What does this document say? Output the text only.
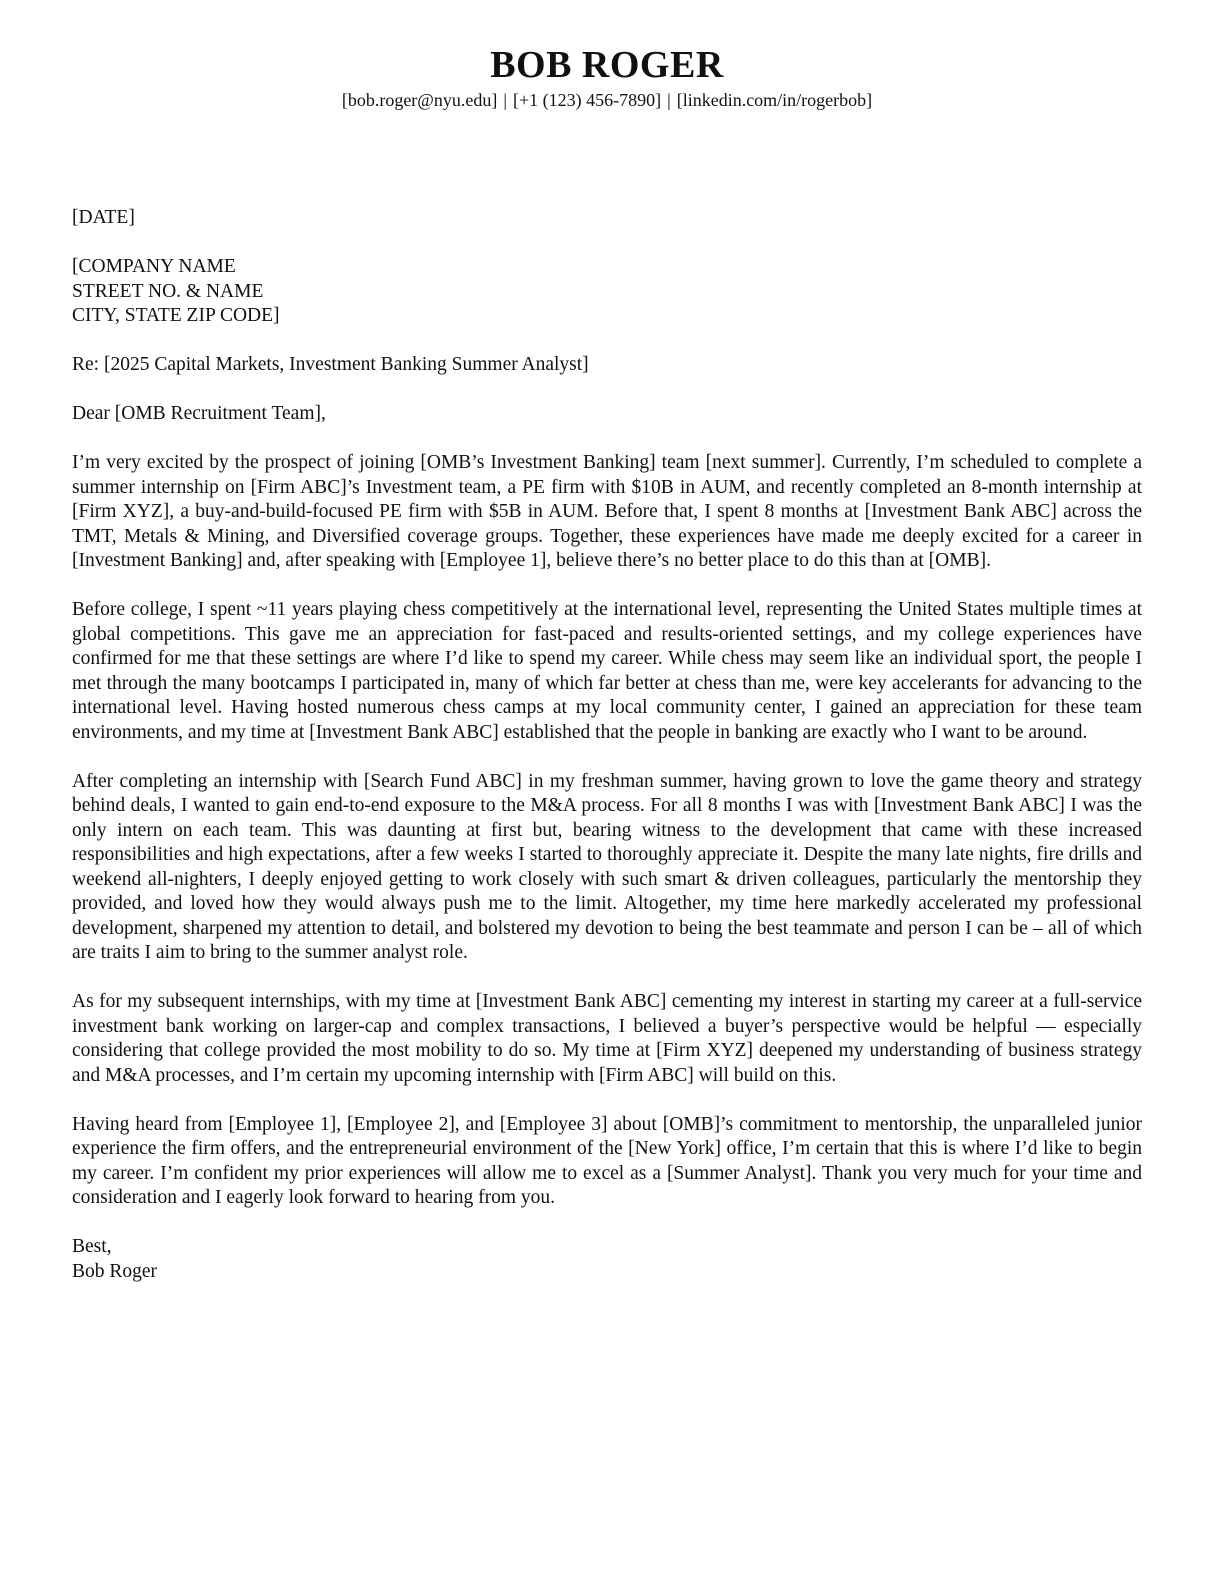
BOB ROGER
[bob.roger@nyu.edu] | [+1 (123) 456-7890] | [linkedin.com/in/rogerbob]
[DATE]
[COMPANY NAME
STREET NO. & NAME
CITY, STATE ZIP CODE]
Re: [2025 Capital Markets, Investment Banking Summer Analyst]
Dear [OMB Recruitment Team],

I’m very excited by the prospect of joining [OMB’s Investment Banking] team [next summer]. Currently, I’m scheduled to complete a summer internship on [Firm ABC]’s Investment team, a PE firm with $10B in AUM, and recently completed an 8-month internship at [Firm XYZ], a buy-and-build-focused PE firm with $5B in AUM. Before that, I spent 8 months at [Investment Bank ABC] across the TMT, Metals & Mining, and Diversified coverage groups. Together, these experiences have made me deeply excited for a career in [Investment Banking] and, after speaking with [Employee 1], believe there’s no better place to do this than at [OMB].

Before college, I spent ~11 years playing chess competitively at the international level, representing the United States multiple times at global competitions. This gave me an appreciation for fast-paced and results-oriented settings, and my college experiences have confirmed for me that these settings are where I’d like to spend my career. While chess may seem like an individual sport, the people I met through the many bootcamps I participated in, many of which far better at chess than me, were key accelerants for advancing to the international level. Having hosted numerous chess camps at my local community center, I gained an appreciation for these team environments, and my time at [Investment Bank ABC] established that the people in banking are exactly who I want to be around.

After completing an internship with [Search Fund ABC] in my freshman summer, having grown to love the game theory and strategy behind deals, I wanted to gain end-to-end exposure to the M&A process. For all 8 months I was with [Investment Bank ABC] I was the only intern on each team. This was daunting at first but, bearing witness to the development that came with these increased responsibilities and high expectations, after a few weeks I started to thoroughly appreciate it. Despite the many late nights, fire drills and weekend all-nighters, I deeply enjoyed getting to work closely with such smart & driven colleagues, particularly the mentorship they provided, and loved how they would always push me to the limit. Altogether, my time here markedly accelerated my professional development, sharpened my attention to detail, and bolstered my devotion to being the best teammate and person I can be – all of which are traits I aim to bring to the summer analyst role.

As for my subsequent internships, with my time at [Investment Bank ABC] cementing my interest in starting my career at a full-service investment bank working on larger-cap and complex transactions, I believed a buyer’s perspective would be helpful — especially considering that college provided the most mobility to do so. My time at [Firm XYZ] deepened my understanding of business strategy and M&A processes, and I’m certain my upcoming internship with [Firm ABC] will build on this.

Having heard from [Employee 1], [Employee 2], and [Employee 3] about [OMB]’s commitment to mentorship, the unparalleled junior experience the firm offers, and the entrepreneurial environment of the [New York] office, I’m certain that this is where I’d like to begin my career. I’m confident my prior experiences will allow me to excel as a [Summer Analyst]. Thank you very much for your time and consideration and I eagerly look forward to hearing from you.

Best,
Bob Roger
